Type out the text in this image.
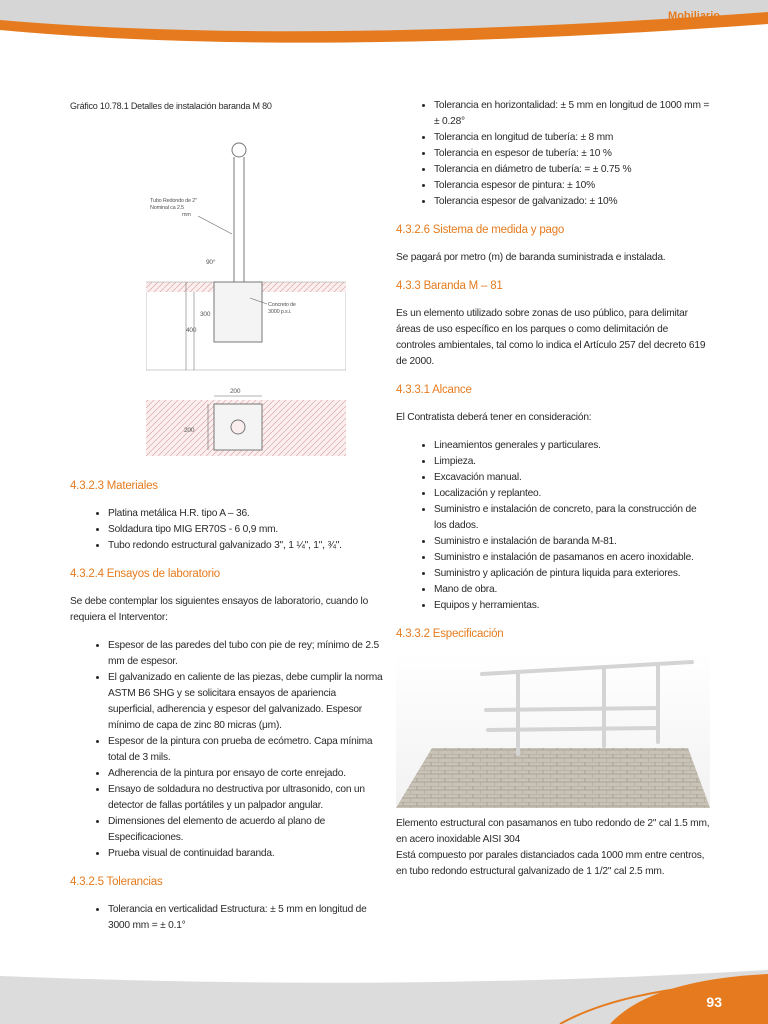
Mobiliario

Gráfico 10.78.1 Detalles de instalación baranda M 80

Tubo Redondo de 2"
Nominal ca 2.5
mm
90°
300
400
Concreto de
3000 p.s.i.
200
200

4.3.2.3 Materiales

• Platina metálica H.R. tipo A – 36.
• Soldadura tipo MIG ER70S - 6 0,9 mm.
• Tubo redondo estructural galvanizado 3", 1 ¼", 1", ¾".

4.3.2.4 Ensayos de laboratorio

Se debe contemplar los siguientes ensayos de laboratorio, cuando lo requiera el Interventor:

• Espesor de las paredes del tubo con pie de rey; mínimo de 2.5 mm de espesor.
• El galvanizado en caliente de las piezas, debe cumplir la norma ASTM B6 SHG y se solicitara ensayos de apariencia superficial, adherencia y espesor del galvanizado. Espesor mínimo de capa de zinc 80 micras (μm).
• Espesor de la pintura con prueba de ecómetro. Capa mínima total de 3 mils.
• Adherencia de la pintura por ensayo de corte enrejado.
• Ensayo de soldadura no destructiva por ultrasonido, con un detector de fallas portátiles y un palpador angular.
• Dimensiones del elemento de acuerdo al plano de Especificaciones.
• Prueba visual de continuidad baranda.

4.3.2.5 Tolerancias

• Tolerancia en verticalidad Estructura: ± 5 mm en longitud de 3000 mm = ± 0.1°
• Tolerancia en horizontalidad: ± 5 mm en longitud de 1000 mm = ± 0.28°
• Tolerancia en longitud de tubería: ± 8 mm
• Tolerancia en espesor de tubería: ± 10 %
• Tolerancia en diámetro de tubería: = ± 0.75 %
• Tolerancia espesor de pintura: ± 10%
• Tolerancia espesor de galvanizado: ± 10%

4.3.2.6 Sistema de medida y pago

Se pagará por metro (m) de baranda suministrada e instalada.

4.3.3 Baranda M – 81

Es un elemento utilizado sobre zonas de uso público, para delimitar áreas de uso específico en los parques o como delimitación de controles ambientales, tal como lo indica el Artículo 257 del decreto 619 de 2000.

4.3.3.1 Alcance

El Contratista deberá tener en consideración:

• Lineamientos generales y particulares.
• Limpieza.
• Excavación manual.
• Localización y replanteo.
• Suministro e instalación de concreto, para la construcción de los dados.
• Suministro e instalación de baranda M-81.
• Suministro e instalación de pasamanos en acero inoxidable.
• Suministro y aplicación de pintura liquida para exteriores.
• Mano de obra.
• Equipos y herramientas.

4.3.3.2 Especificación

Elemento estructural con pasamanos en tubo redondo de 2" cal 1.5 mm, en acero inoxidable AISI 304

Está compuesto por parales distanciados cada 1000 mm entre centros, en tubo redondo estructural galvanizado de 1 1/2" cal 2.5 mm.

93
